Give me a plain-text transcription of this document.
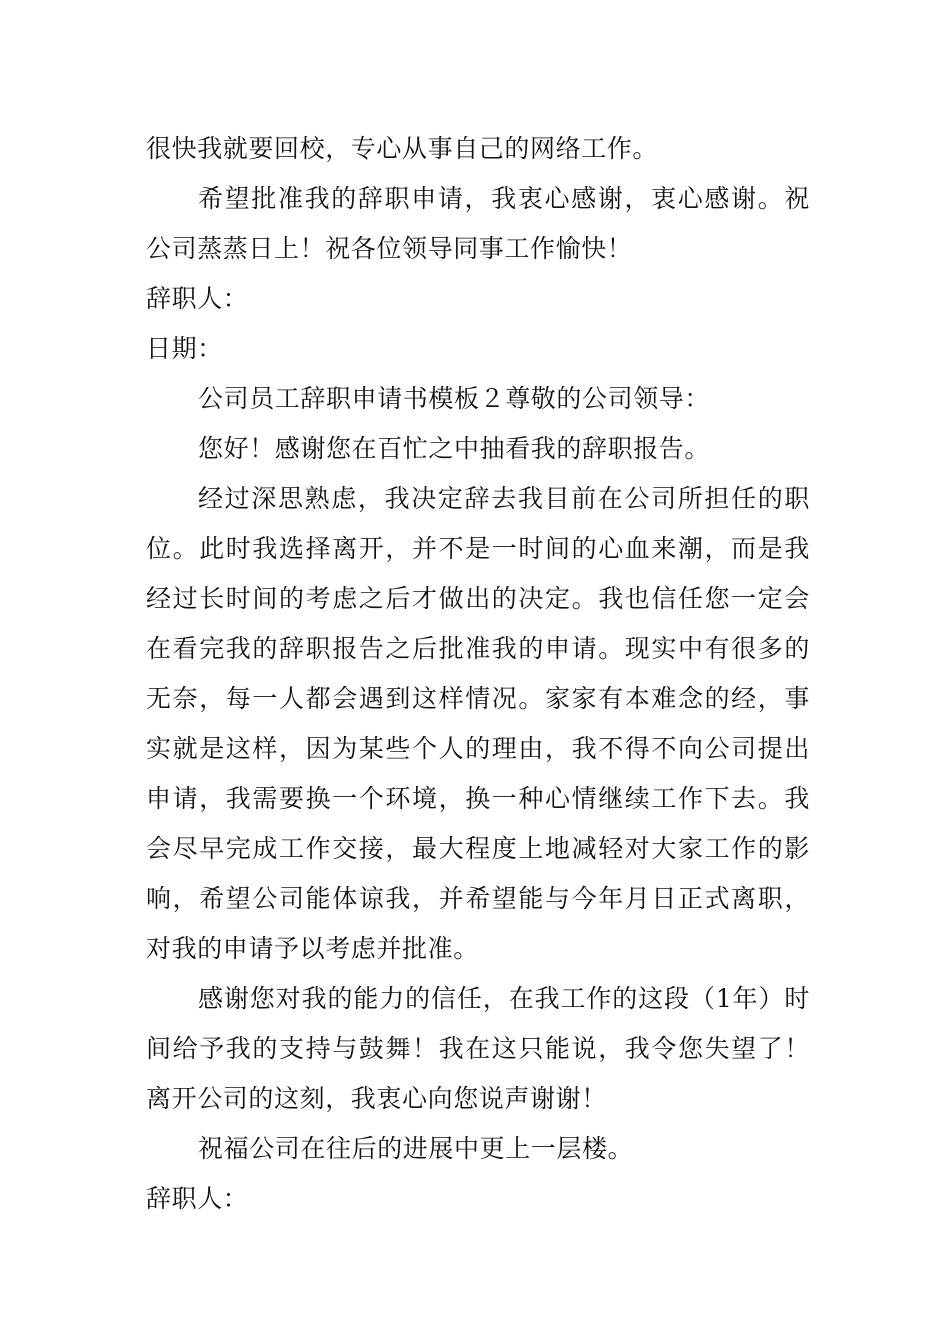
很快我就要回校，专心从事自己的网络工作。

希望批准我的辞职申请，我衷心感谢，衷心感谢。祝公司蒸蒸日上！祝各位领导同事工作愉快！

辞职人：

日期：

公司员工辞职申请书模板２尊敬的公司领导：

您好！感谢您在百忙之中抽看我的辞职报告。

经过深思熟虑，我决定辞去我目前在公司所担任的职位。此时我选择离开，并不是一时间的心血来潮，而是我经过长时间的考虑之后才做出的决定。我也信任您一定会在看完我的辞职报告之后批准我的申请。现实中有很多的无奈，每一人都会遇到这样情况。家家有本难念的经，事实就是这样，因为某些个人的理由，我不得不向公司提出申请，我需要换一个环境，换一种心情继续工作下去。我会尽早完成工作交接，最大程度上地减轻对大家工作的影响，希望公司能体谅我，并希望能与今年月日正式离职，对我的申请予以考虑并批准。

感谢您对我的能力的信任，在我工作的这段（1年）时间给予我的支持与鼓舞！我在这只能说，我令您失望了！离开公司的这刻，我衷心向您说声谢谢！

祝福公司在往后的进展中更上一层楼。

辞职人：
